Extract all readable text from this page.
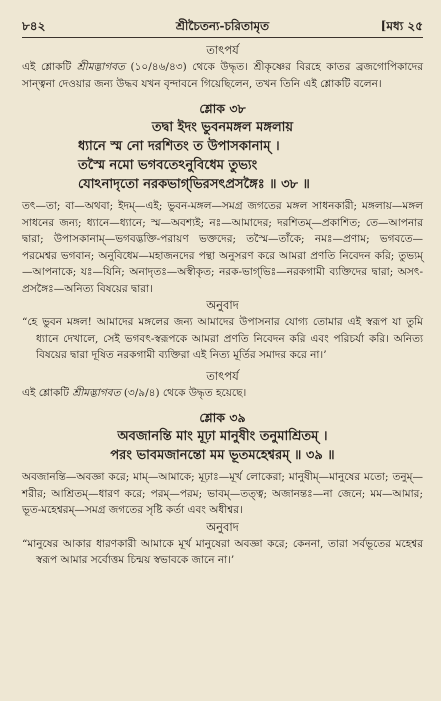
৮৪২	শ্রীচৈতন্য-চরিতামৃত	[মধ্য ২৫
তাৎপর্য
এই শ্লোকটি শ্রীমদ্ভাগবত (১০/৪৬/৪৩) থেকে উদ্ধৃত। শ্রীকৃষ্ণের বিরহে কাতর ব্রজগোপিকাদের সান্ত্বনা দেওয়ার জন্য উদ্ধব যখন বৃন্দাবনে গিয়েছিলেন, তখন তিনি এই শ্লোকটি বলেন।
শ্লোক ৩৮
তদ্বা ইদং ভুবনমঙ্গল মঙ্গলায়
ধ্যানে স্ম নো দরশিতং ত উপাসকানাম্ ।
তস্মৈ নমো ভগবতেঽনুবিধেম তুভ্যং
যোঽনাদৃতো নরকভাগ্‌ভিরসৎপ্রসঙ্গৈঃ ॥ ৩৮ ॥
তৎ—তা; বা—অথবা; ইদম্—এই; ভুবন-মঙ্গল—সমগ্র জগতের মঙ্গল সাধনকারী; মঙ্গলায়—মঙ্গল সাধনের জন্য; ধ্যানে—ধ্যানে; স্ম—অবশ্যই; নঃ—আমাদের; দরশিতম্—প্রকাশিত; তে—আপনার দ্বারা; উপাসকানাম্—ভগবদ্ভক্তি-পরায়ণ ভক্তদের; তস্মৈ—তাঁকে; নমঃ—প্রণাম; ভগবতে—পরমেশ্বর ভগবান; অনুবিধেম—মহাজনদের পন্থা অনুসরণ করে আমরা প্রণতি নিবেদন করি; তুভ্যম্—আপনাকে; যঃ—যিনি; অনাদৃতঃ—অস্বীকৃত; নরক-ভাগ্‌ভিঃ—নরকগামী ব্যক্তিদের দ্বারা; অসৎ-প্রসঙ্গৈঃ—অনিত্য বিষয়ের দ্বারা।
অনুবাদ
“হে ভুবন মঙ্গল! আমাদের মঙ্গলের জন্য আমাদের উপাসনার যোগ্য তোমার এই স্বরূপ যা তুমি ধ্যানে দেখালে, সেই ভগবৎ-স্বরূপকে আমরা প্রণতি নিবেদন করি এবং পরিচর্যা করি। অনিত্য বিষয়ের দ্বারা দূষিত নরকগামী ব্যক্তিরা এই নিত্য মূর্তির সমাদর করে না।’
তাৎপর্য
এই শ্লোকটি শ্রীমদ্ভাগবত (৩/৯/৪) থেকে উদ্ধৃত হয়েছে।
শ্লোক ৩৯
অবজানন্তি মাং মূঢ়া মানুষীং তনুমাশ্রিতম্ ।
পরং ভাবমজানন্তো মম ভূতমহেশ্বরম্ ॥ ৩৯ ॥
অবজানন্তি—অবজ্ঞা করে; মাম্—আমাকে; মূঢ়াঃ—মূর্খ লোকেরা; মানুষীম্—মানুষের মতো; তনুম্—শরীর; আশ্রিতম্—ধারণ করে; পরম্—পরম; ভাবম্—তত্ত্ব; অজানন্তঃ—না জেনে; মম—আমার; ভূত-মহেশ্বরম্—সমগ্র জগতের সৃষ্টি কর্তা এবং অধীশ্বর।
অনুবাদ
“মানুষের আকার ধারণকারী আমাকে মূর্খ মানুষেরা অবজ্ঞা করে; কেননা, তারা সর্বভূতের মহেশ্বর স্বরূপ আমার সর্বোত্তম চিন্ময় স্বভাবকে জানে না।’
